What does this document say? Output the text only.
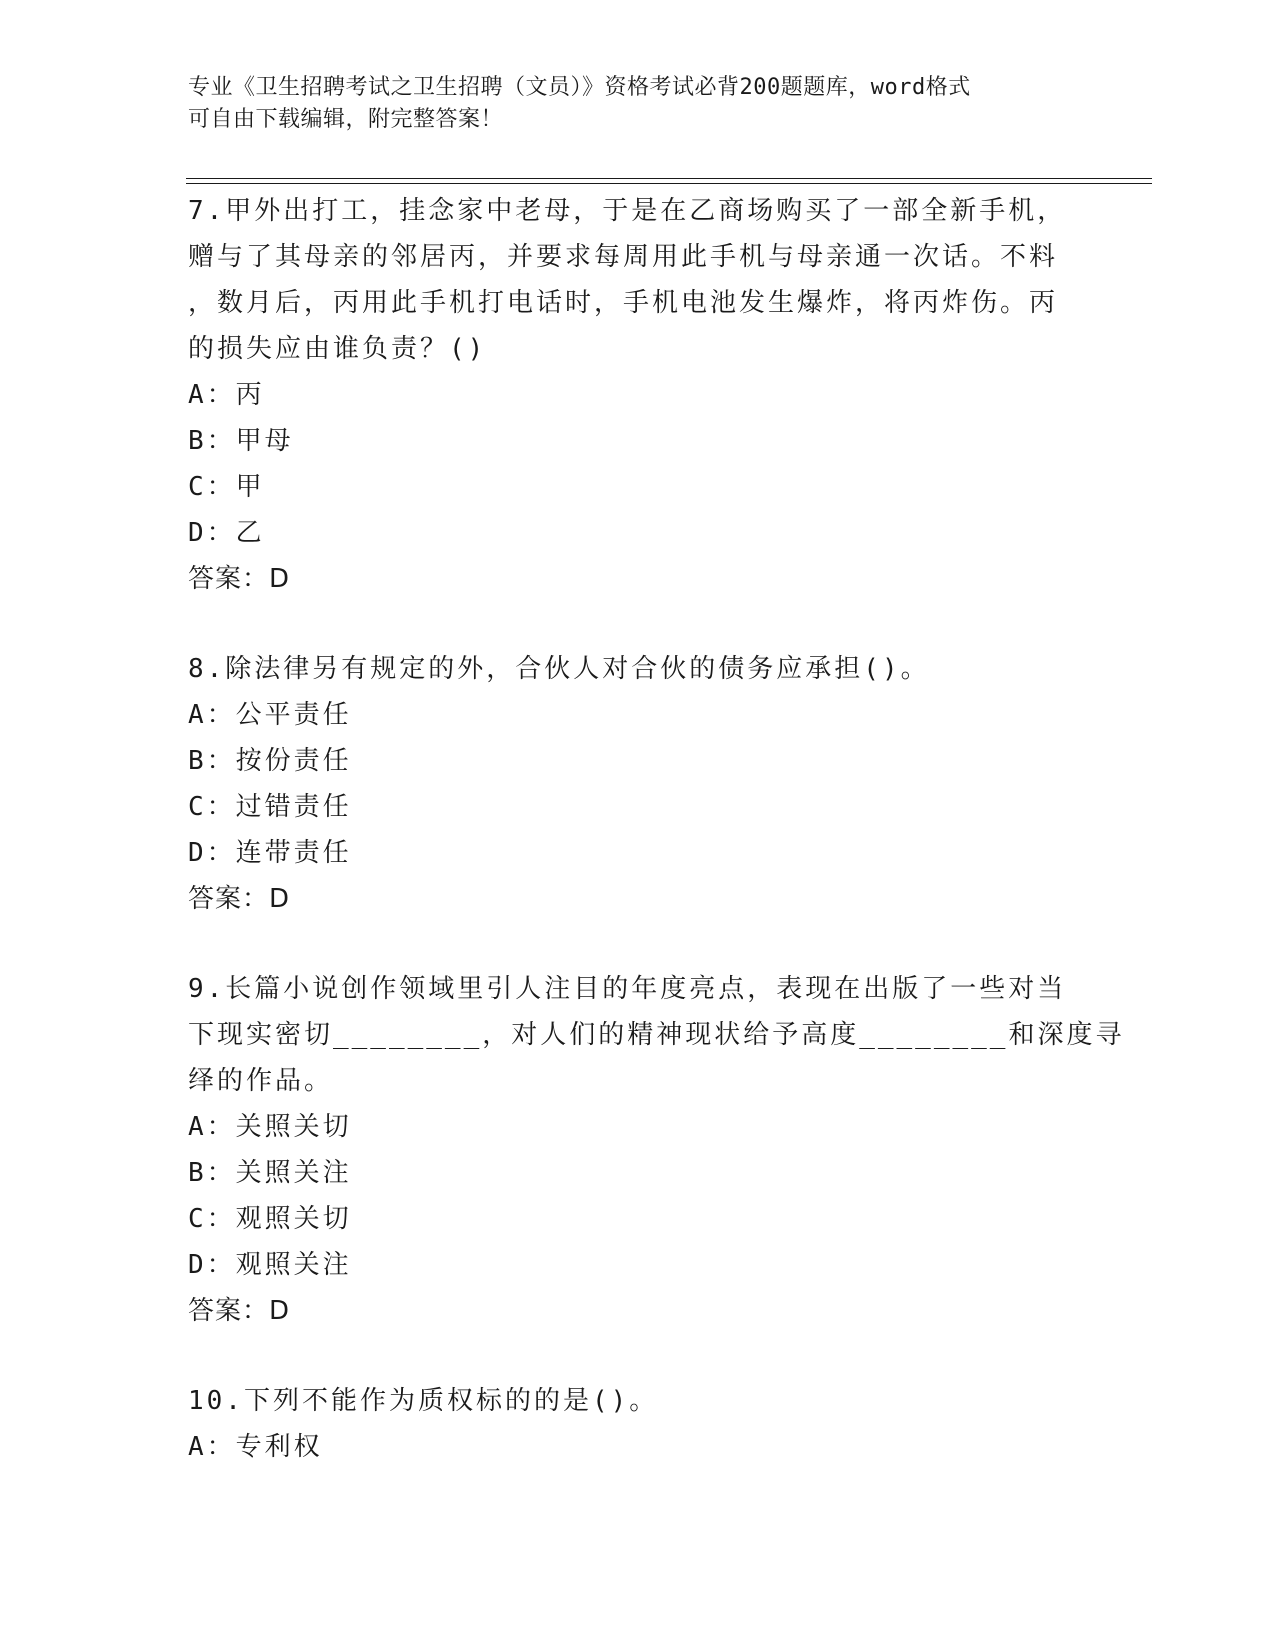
专业《卫生招聘考试之卫生招聘（文员）》资格考试必背200题题库，word格式
可自由下载编辑，附完整答案！
7.甲外出打工，挂念家中老母，于是在乙商场购买了一部全新手机，
赠与了其母亲的邻居丙，并要求每周用此手机与母亲通一次话。不料
，数月后，丙用此手机打电话时，手机电池发生爆炸，将丙炸伤。丙
的损失应由谁负责？()
A：丙
B：甲母
C：甲
D：乙
答案：D
8.除法律另有规定的外，合伙人对合伙的债务应承担()。
A：公平责任
B：按份责任
C：过错责任
D：连带责任
答案：D
9.长篇小说创作领域里引人注目的年度亮点，表现在出版了一些对当
下现实密切________，对人们的精神现状给予高度________和深度寻
绎的作品。
A：关照关切
B：关照关注
C：观照关切
D：观照关注
答案：D
10.下列不能作为质权标的的是()。
A：专利权
